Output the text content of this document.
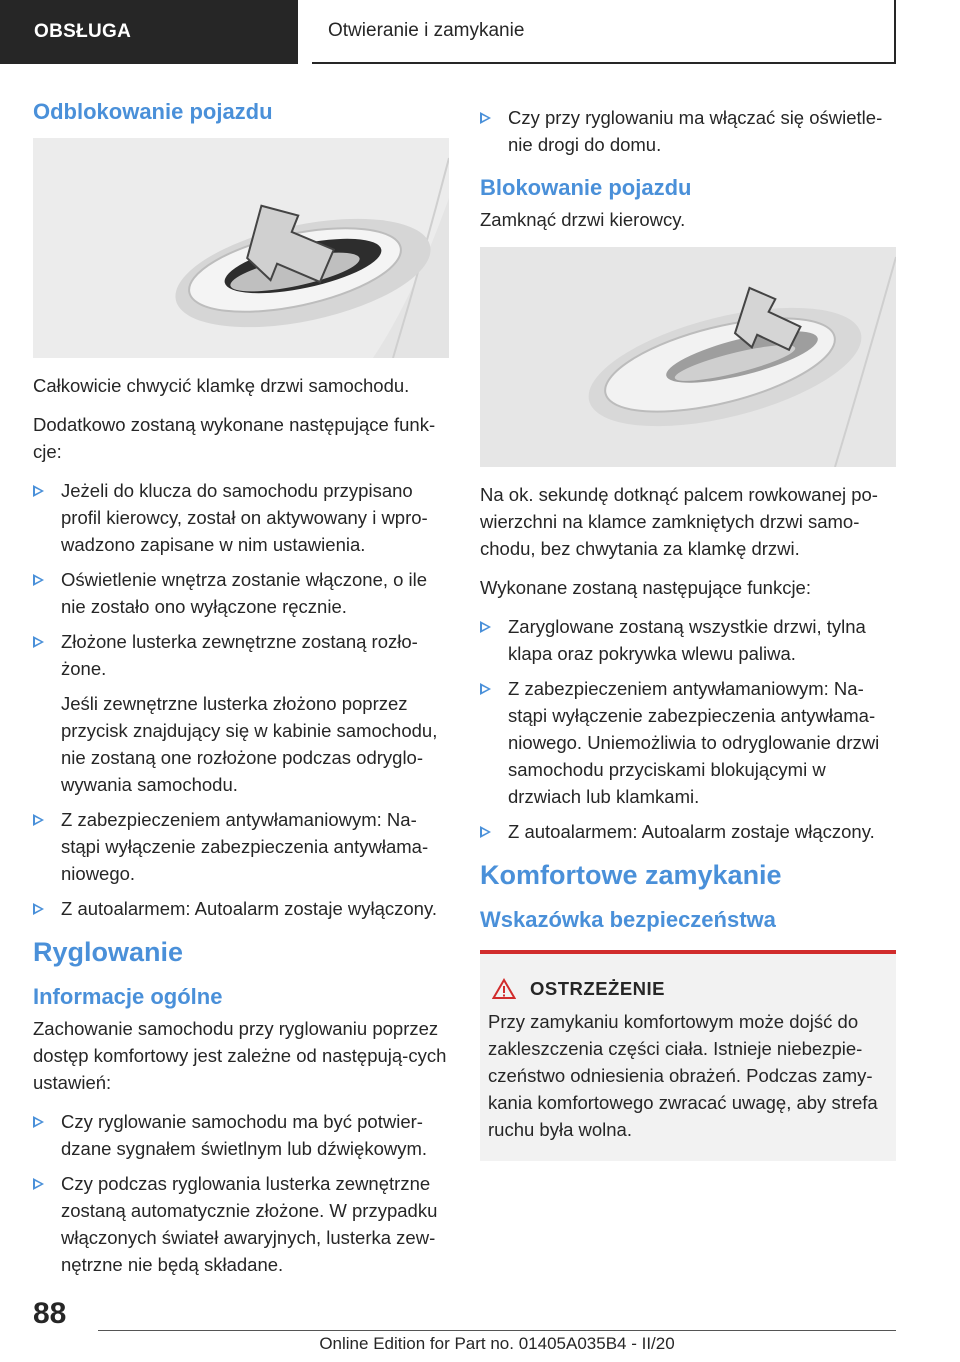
OBSŁUGA	Otwieranie i zamykanie
Odblokowanie pojazdu

Całkowicie chwycić klamkę drzwi samochodu.

Dodatkowo zostaną wykonane następujące funk-cje:

Jeżeli do klucza do samochodu przypisano profil kierowcy, został on aktywowany i wpro-wadzono zapisane w nim ustawienia.
Oświetlenie wnętrza zostanie włączone, o ile nie zostało ono wyłączone ręcznie.
Złożone lusterka zewnętrzne zostaną rozło-żone.
Jeśli zewnętrzne lusterka złożono poprzez przycisk znajdujący się w kabinie samochodu, nie zostaną one rozłożone podczas odryglo-wywania samochodu.
Z zabezpieczeniem antywłamaniowym: Na-stąpi wyłączenie zabezpieczenia antywłama-niowego.
Z autoalarmem: Autoalarm zostaje wyłączony.
Ryglowanie
Informacje ogólne

Zachowanie samochodu przy ryglowaniu poprzez dostęp komfortowy jest zależne od następują-cych ustawień:

Czy ryglowanie samochodu ma być potwier-dzane sygnałem świetlnym lub dźwiękowym.
Czy podczas ryglowania lusterka zewnętrzne zostaną automatycznie złożone. W przypadku włączonych świateł awaryjnych, lusterka zew-nętrzne nie będą składane.
Czy przy ryglowaniu ma włączać się oświetle-nie drogi do domu.
Blokowanie pojazdu

Zamknąć drzwi kierowcy.

Na ok. sekundę dotknąć palcem rowkowanej po-wierzchni na klamce zamkniętych drzwi samo-chodu, bez chwytania za klamkę drzwi.

Wykonane zostaną następujące funkcje:

Zaryglowane zostaną wszystkie drzwi, tylna klapa oraz pokrywka wlewu paliwa.
Z zabezpieczeniem antywłamaniowym: Na-stąpi wyłączenie zabezpieczenia antywłama-niowego. Uniemożliwia to odryglowanie drzwi samochodu przyciskami blokującymi w drzwiach lub klamkami.
Z autoalarmem: Autoalarm zostaje włączony.
Komfortowe zamykanie
Wskazówka bezpieczeństwa
OSTRZEŻENIE

Przy zamykaniu komfortowym może dojść do zakleszczenia części ciała. Istnieje niebezpie-czeństwo odniesienia obrażeń. Podczas zamy-kania komfortowego zwracać uwagę, aby strefa ruchu była wolna.

88
Online Edition for Part no. 01405A035B4 - II/20
